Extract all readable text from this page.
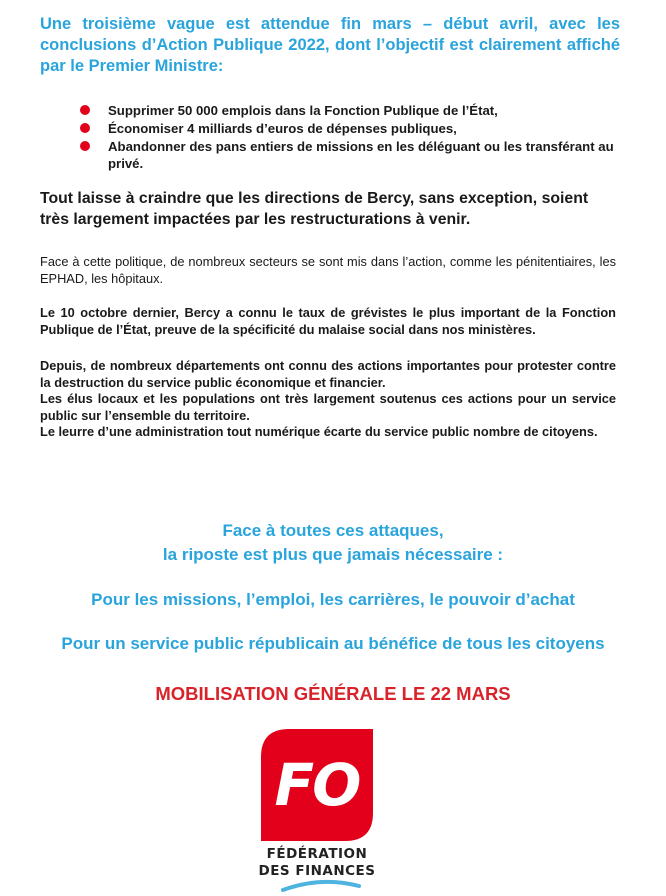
Une troisième vague est attendue fin mars – début avril, avec les conclusions d’Action Publique 2022, dont l’objectif est clairement affiché par le Premier Ministre:

Supprimer 50 000 emplois dans la Fonction Publique de l’État,
Économiser 4 milliards d’euros de dépenses publiques,
Abandonner des pans entiers de missions en les déléguant ou les transférant au privé.

Tout laisse à craindre que les directions de Bercy, sans exception, soient très largement impactées par les restructurations à venir.

Face à cette politique, de nombreux secteurs se sont mis dans l’action, comme les pénitentiaires, les EPHAD, les hôpitaux.

Le 10 octobre dernier, Bercy a connu le taux de grévistes le plus important de la Fonction Publique de l’État, preuve de la spécificité du malaise social dans nos ministères.

Depuis, de nombreux départements ont connu des actions importantes pour protester contre la destruction du service public économique et financier.
Les élus locaux et les populations ont très largement soutenus ces actions pour un service public sur l’ensemble du territoire.
Le leurre d’une administration tout numérique écarte du service public nombre de citoyens.
Face à toutes ces attaques,
la riposte est plus que jamais nécessaire :
Pour les missions, l’emploi, les carrières, le pouvoir d’achat
Pour un service public républicain au bénéfice de tous les citoyens
MOBILISATION GÉNÉRALE LE 22 MARS
FO
FÉDÉRATION
DES FINANCES
